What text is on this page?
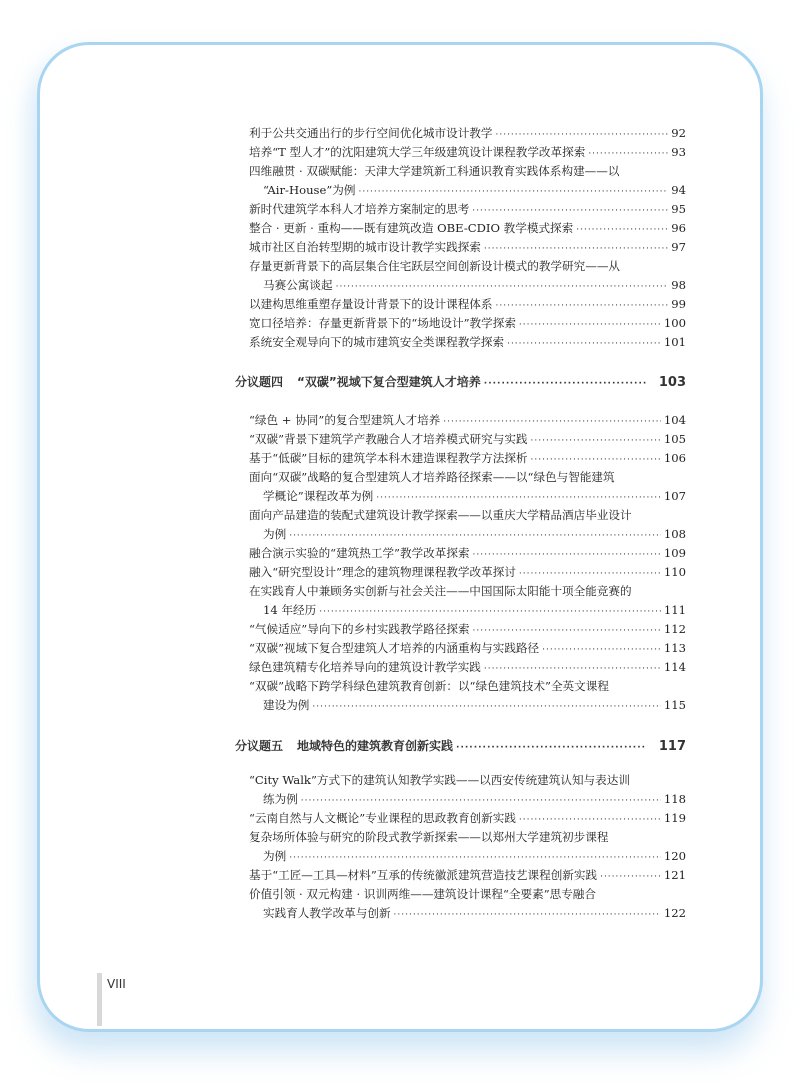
利于公共交通出行的步行空间优化城市设计教学 ·····	92
培养“T 型人才”的沈阳建筑大学三年级建筑设计课程教学改革探索 ·····	93
四维融贯 · 双碳赋能：天津大学建筑新工科通识教育实践体系构建——以
“Air-House”为例 ·····	94
新时代建筑学本科人才培养方案制定的思考 ·····	95
整合 · 更新 · 重构——既有建筑改造 OBE-CDIO 教学模式探索 ·····	96
城市社区自治转型期的城市设计教学实践探索 ·····	97
存量更新背景下的高层集合住宅跃层空间创新设计模式的教学研究——从
马赛公寓谈起 ·····	98
以建构思维重塑存量设计背景下的设计课程体系 ·····	99
宽口径培养：存量更新背景下的“场地设计”教学探索 ·····	100
系统安全观导向下的城市建筑安全类课程教学探索 ·····	101
分议题四 “双碳”视域下复合型建筑人才培养 ·····	103
“绿色 + 协同”的复合型建筑人才培养 ·····	104
“双碳”背景下建筑学产教融合人才培养模式研究与实践 ·····	105
基于“低碳”目标的建筑学本科木建造课程教学方法探析 ·····	106
面向“双碳”战略的复合型建筑人才培养路径探索——以“绿色与智能建筑
学概论”课程改革为例 ·····	107
面向产品建造的装配式建筑设计教学探索——以重庆大学精品酒店毕业设计
为例 ·····	108
融合演示实验的“建筑热工学”教学改革探索 ·····	109
融入“研究型设计”理念的建筑物理课程教学改革探讨 ·····	110
在实践育人中兼顾务实创新与社会关注——中国国际太阳能十项全能竞赛的
14 年经历 ·····	111
“气候适应”导向下的乡村实践教学路径探索 ·····	112
“双碳”视域下复合型建筑人才培养的内涵重构与实践路径 ·····	113
绿色建筑精专化培养导向的建筑设计教学实践 ·····	114
“双碳”战略下跨学科绿色建筑教育创新：以“绿色建筑技术”全英文课程
建设为例 ·····	115
分议题五 地域特色的建筑教育创新实践 ·····	117
“City Walk”方式下的建筑认知教学实践——以西安传统建筑认知与表达训
练为例 ·····	118
“云南自然与人文概论”专业课程的思政教育创新实践 ·····	119
复杂场所体验与研究的阶段式教学新探索——以郑州大学建筑初步课程
为例 ·····	120
基于“工匠—工具—材料”互承的传统徽派建筑营造技艺课程创新实践 ·····	121
价值引领 · 双元构建 · 识训两维——建筑设计课程“全要素”思专融合
实践育人教学改革与创新 ·····	122
VIII
